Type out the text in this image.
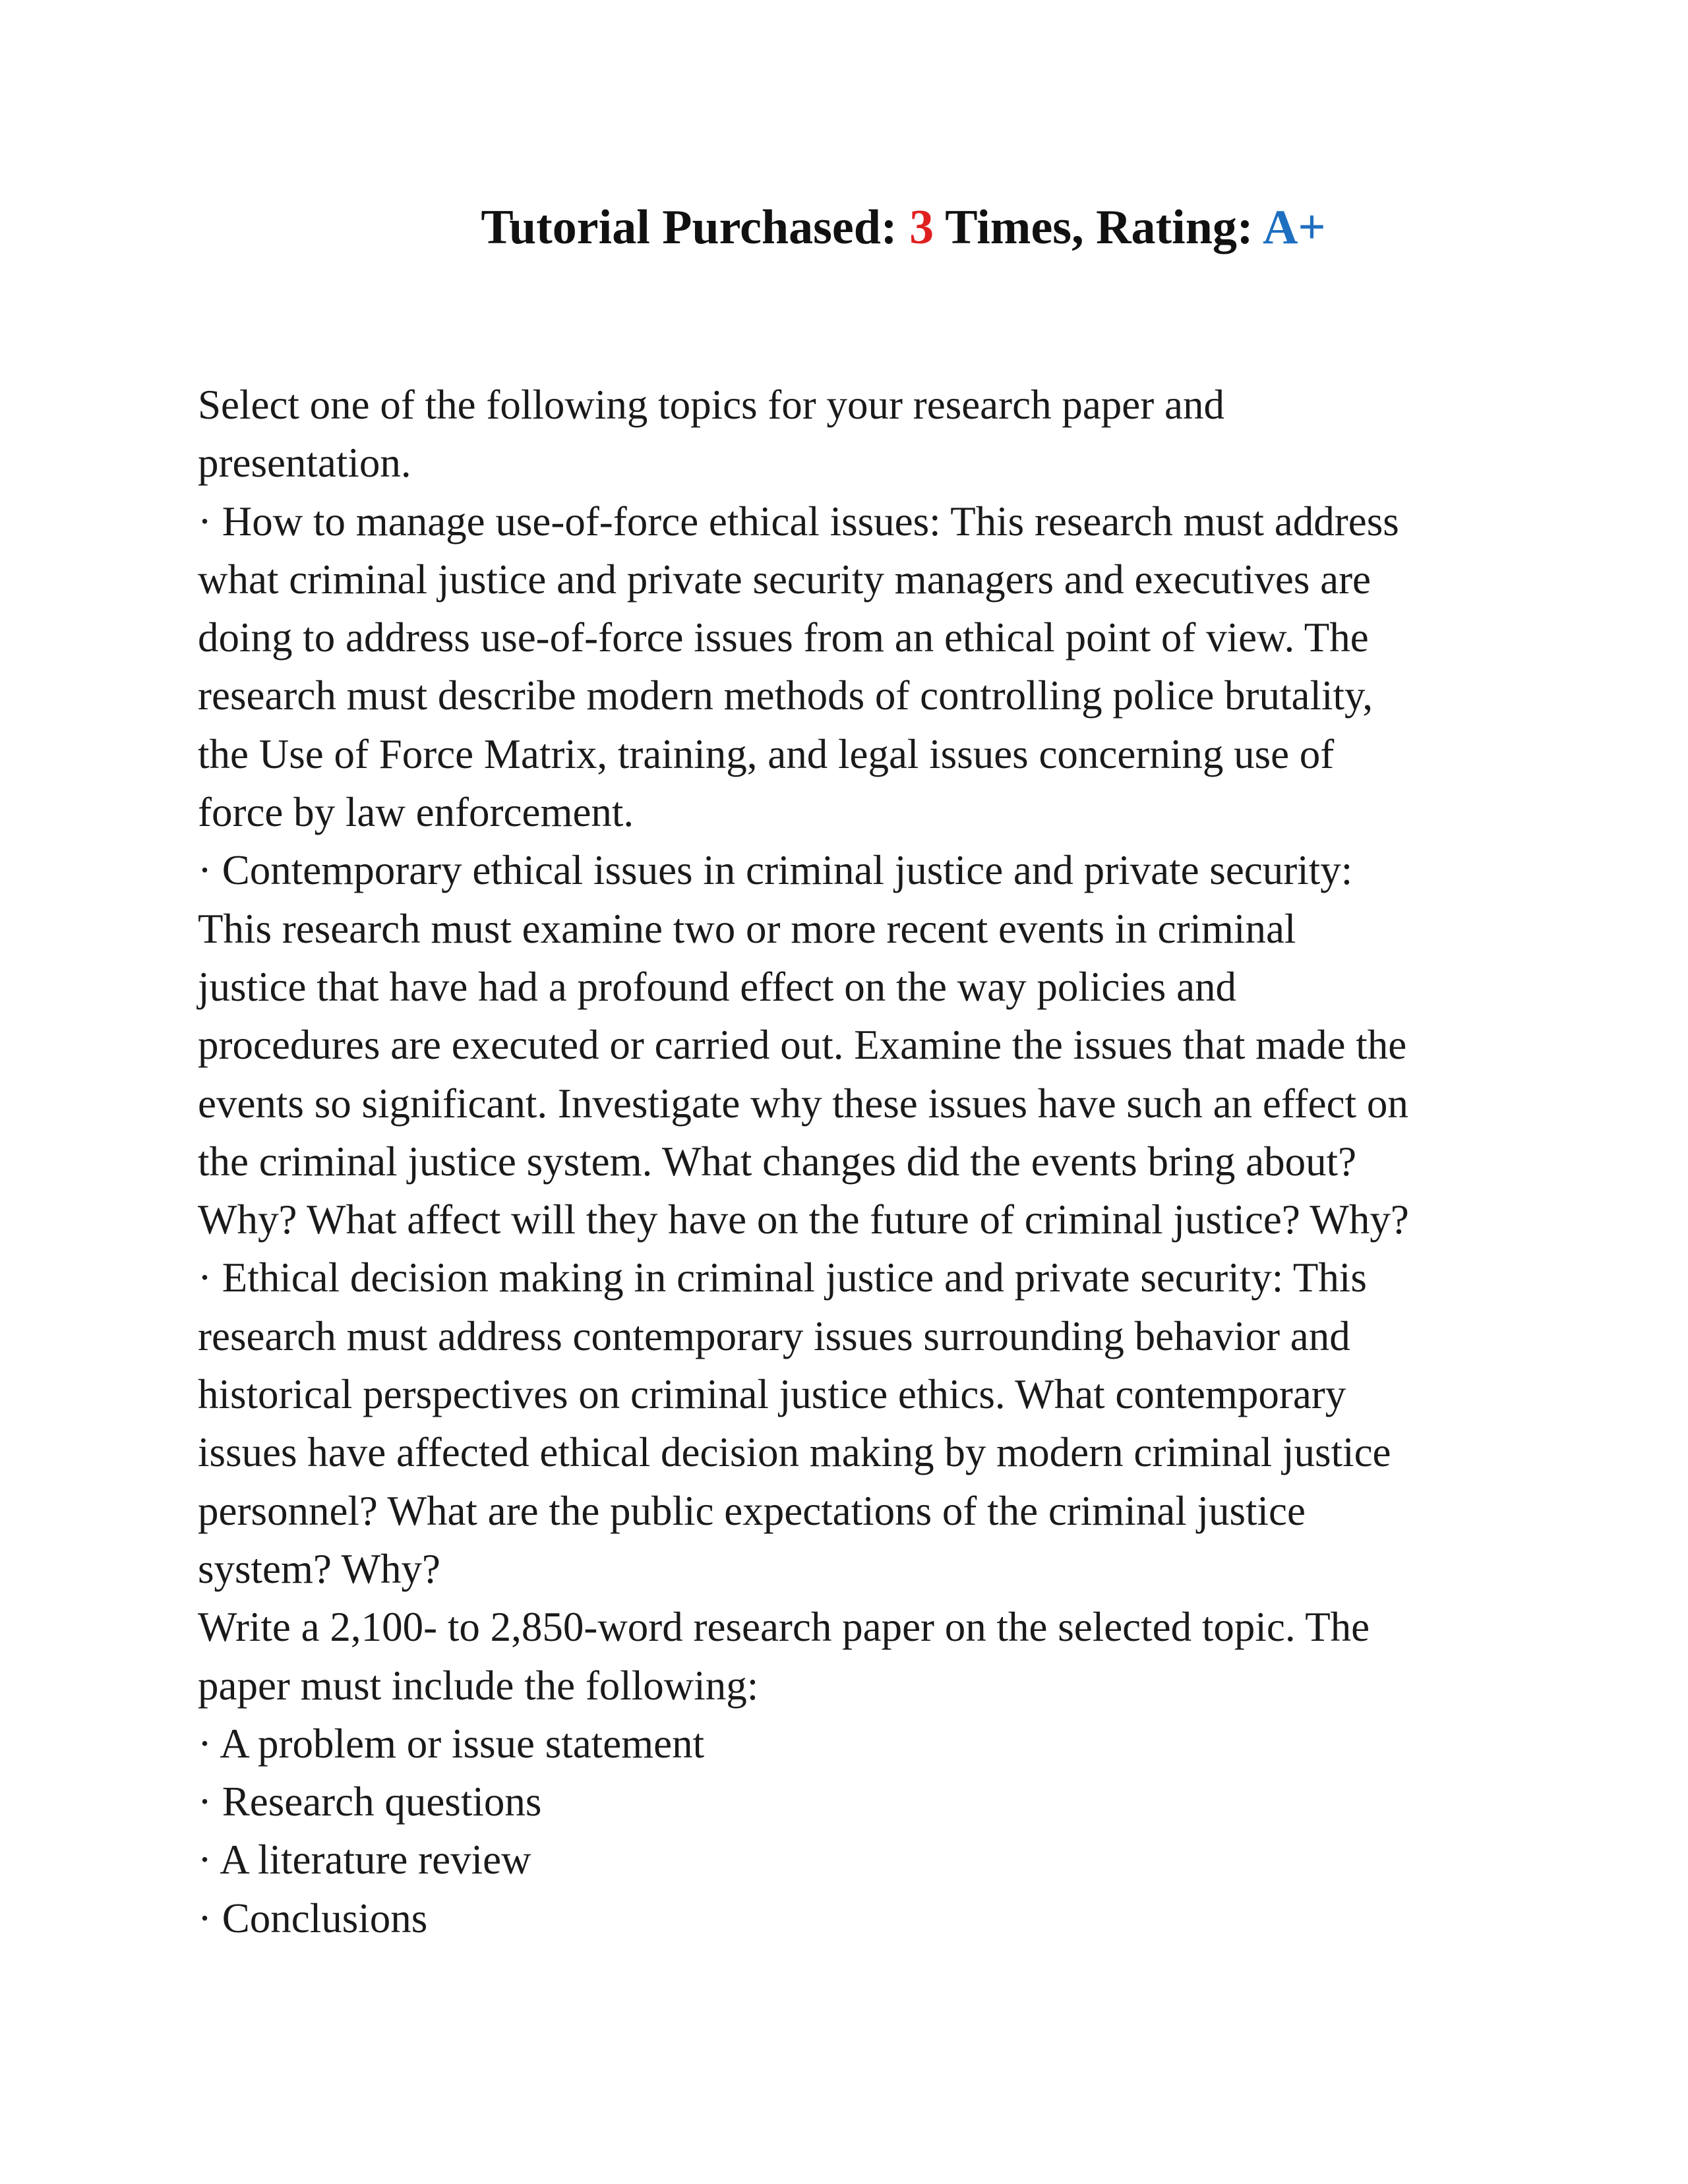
Tutorial Purchased: 3 Times, Rating: A+
Select one of the following topics for your research paper and
presentation.
· How to manage use-of-force ethical issues: This research must address
what criminal justice and private security managers and executives are
doing to address use-of-force issues from an ethical point of view. The
research must describe modern methods of controlling police brutality,
the Use of Force Matrix, training, and legal issues concerning use of
force by law enforcement.
· Contemporary ethical issues in criminal justice and private security:
This research must examine two or more recent events in criminal
justice that have had a profound effect on the way policies and
procedures are executed or carried out. Examine the issues that made the
events so significant. Investigate why these issues have such an effect on
the criminal justice system. What changes did the events bring about?
Why? What affect will they have on the future of criminal justice? Why?
· Ethical decision making in criminal justice and private security: This
research must address contemporary issues surrounding behavior and
historical perspectives on criminal justice ethics. What contemporary
issues have affected ethical decision making by modern criminal justice
personnel? What are the public expectations of the criminal justice
system? Why?
Write a 2,100- to 2,850-word research paper on the selected topic. The
paper must include the following:
· A problem or issue statement
· Research questions
· A literature review
· Conclusions
